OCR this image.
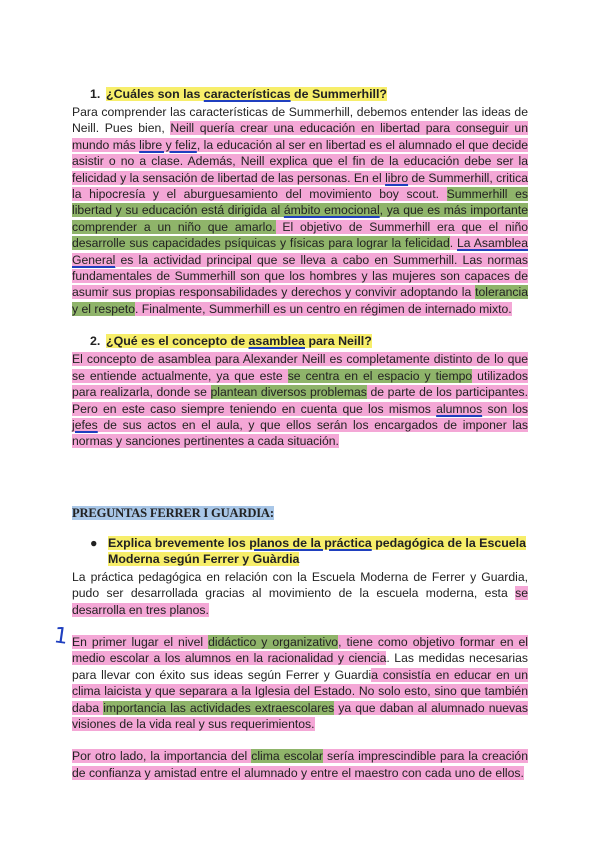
1. ¿Cuáles son las características de Summerhill?

Para comprender las características de Summerhill, debemos entender las ideas de Neill. Pues bien, Neill quería crear una educación en libertad para conseguir un mundo más libre y feliz, la educación al ser en libertad es el alumnado el que decide asistir o no a clase. Además, Neill explica que el fin de la educación debe ser la felicidad y la sensación de libertad de las personas. En el libro de Summerhill, critica la hipocresía y el aburguesamiento del movimiento boy scout. Summerhill es libertad y su educación está dirigida al ámbito emocional, ya que es más importante comprender a un niño que amarlo. El objetivo de Summerhill era que el niño desarrolle sus capacidades psíquicas y físicas para lograr la felicidad. La Asamblea General es la actividad principal que se lleva a cabo en Summerhill. Las normas fundamentales de Summerhill son que los hombres y las mujeres son capaces de asumir sus propias responsabilidades y derechos y convivir adoptando la tolerancia y el respeto. Finalmente, Summerhill es un centro en régimen de internado mixto.

2. ¿Qué es el concepto de asamblea para Neill?

El concepto de asamblea para Alexander Neill es completamente distinto de lo que se entiende actualmente, ya que este se centra en el espacio y tiempo utilizados para realizarla, donde se plantean diversos problemas de parte de los participantes. Pero en este caso siempre teniendo en cuenta que los mismos alumnos son los jefes de sus actos en el aula, y que ellos serán los encargados de imponer las normas y sanciones pertinentes a cada situación.

PREGUNTAS FERRER I GUARDIA:
● Explica brevemente los planos de la práctica pedagógica de la Escuela Moderna según Ferrer y Guàrdia

La práctica pedagógica en relación con la Escuela Moderna de Ferrer y Guardia, pudo ser desarrollada gracias al movimiento de la escuela moderna, esta se desarrolla en tres planos.

En primer lugar el nivel didáctico y organizativo, tiene como objetivo formar en el medio escolar a los alumnos en la racionalidad y ciencia. Las medidas necesarias para llevar con éxito sus ideas según Ferrer y Guardia consistía en educar en un clima laicista y que separara a la Iglesia del Estado. No solo esto, sino que también daba importancia las actividades extraescolares ya que daban al alumnado nuevas visiones de la vida real y sus requerimientos.

Por otro lado, la importancia del clima escolar sería imprescindible para la creación de confianza y amistad entre el alumnado y entre el maestro con cada uno de ellos.

1
